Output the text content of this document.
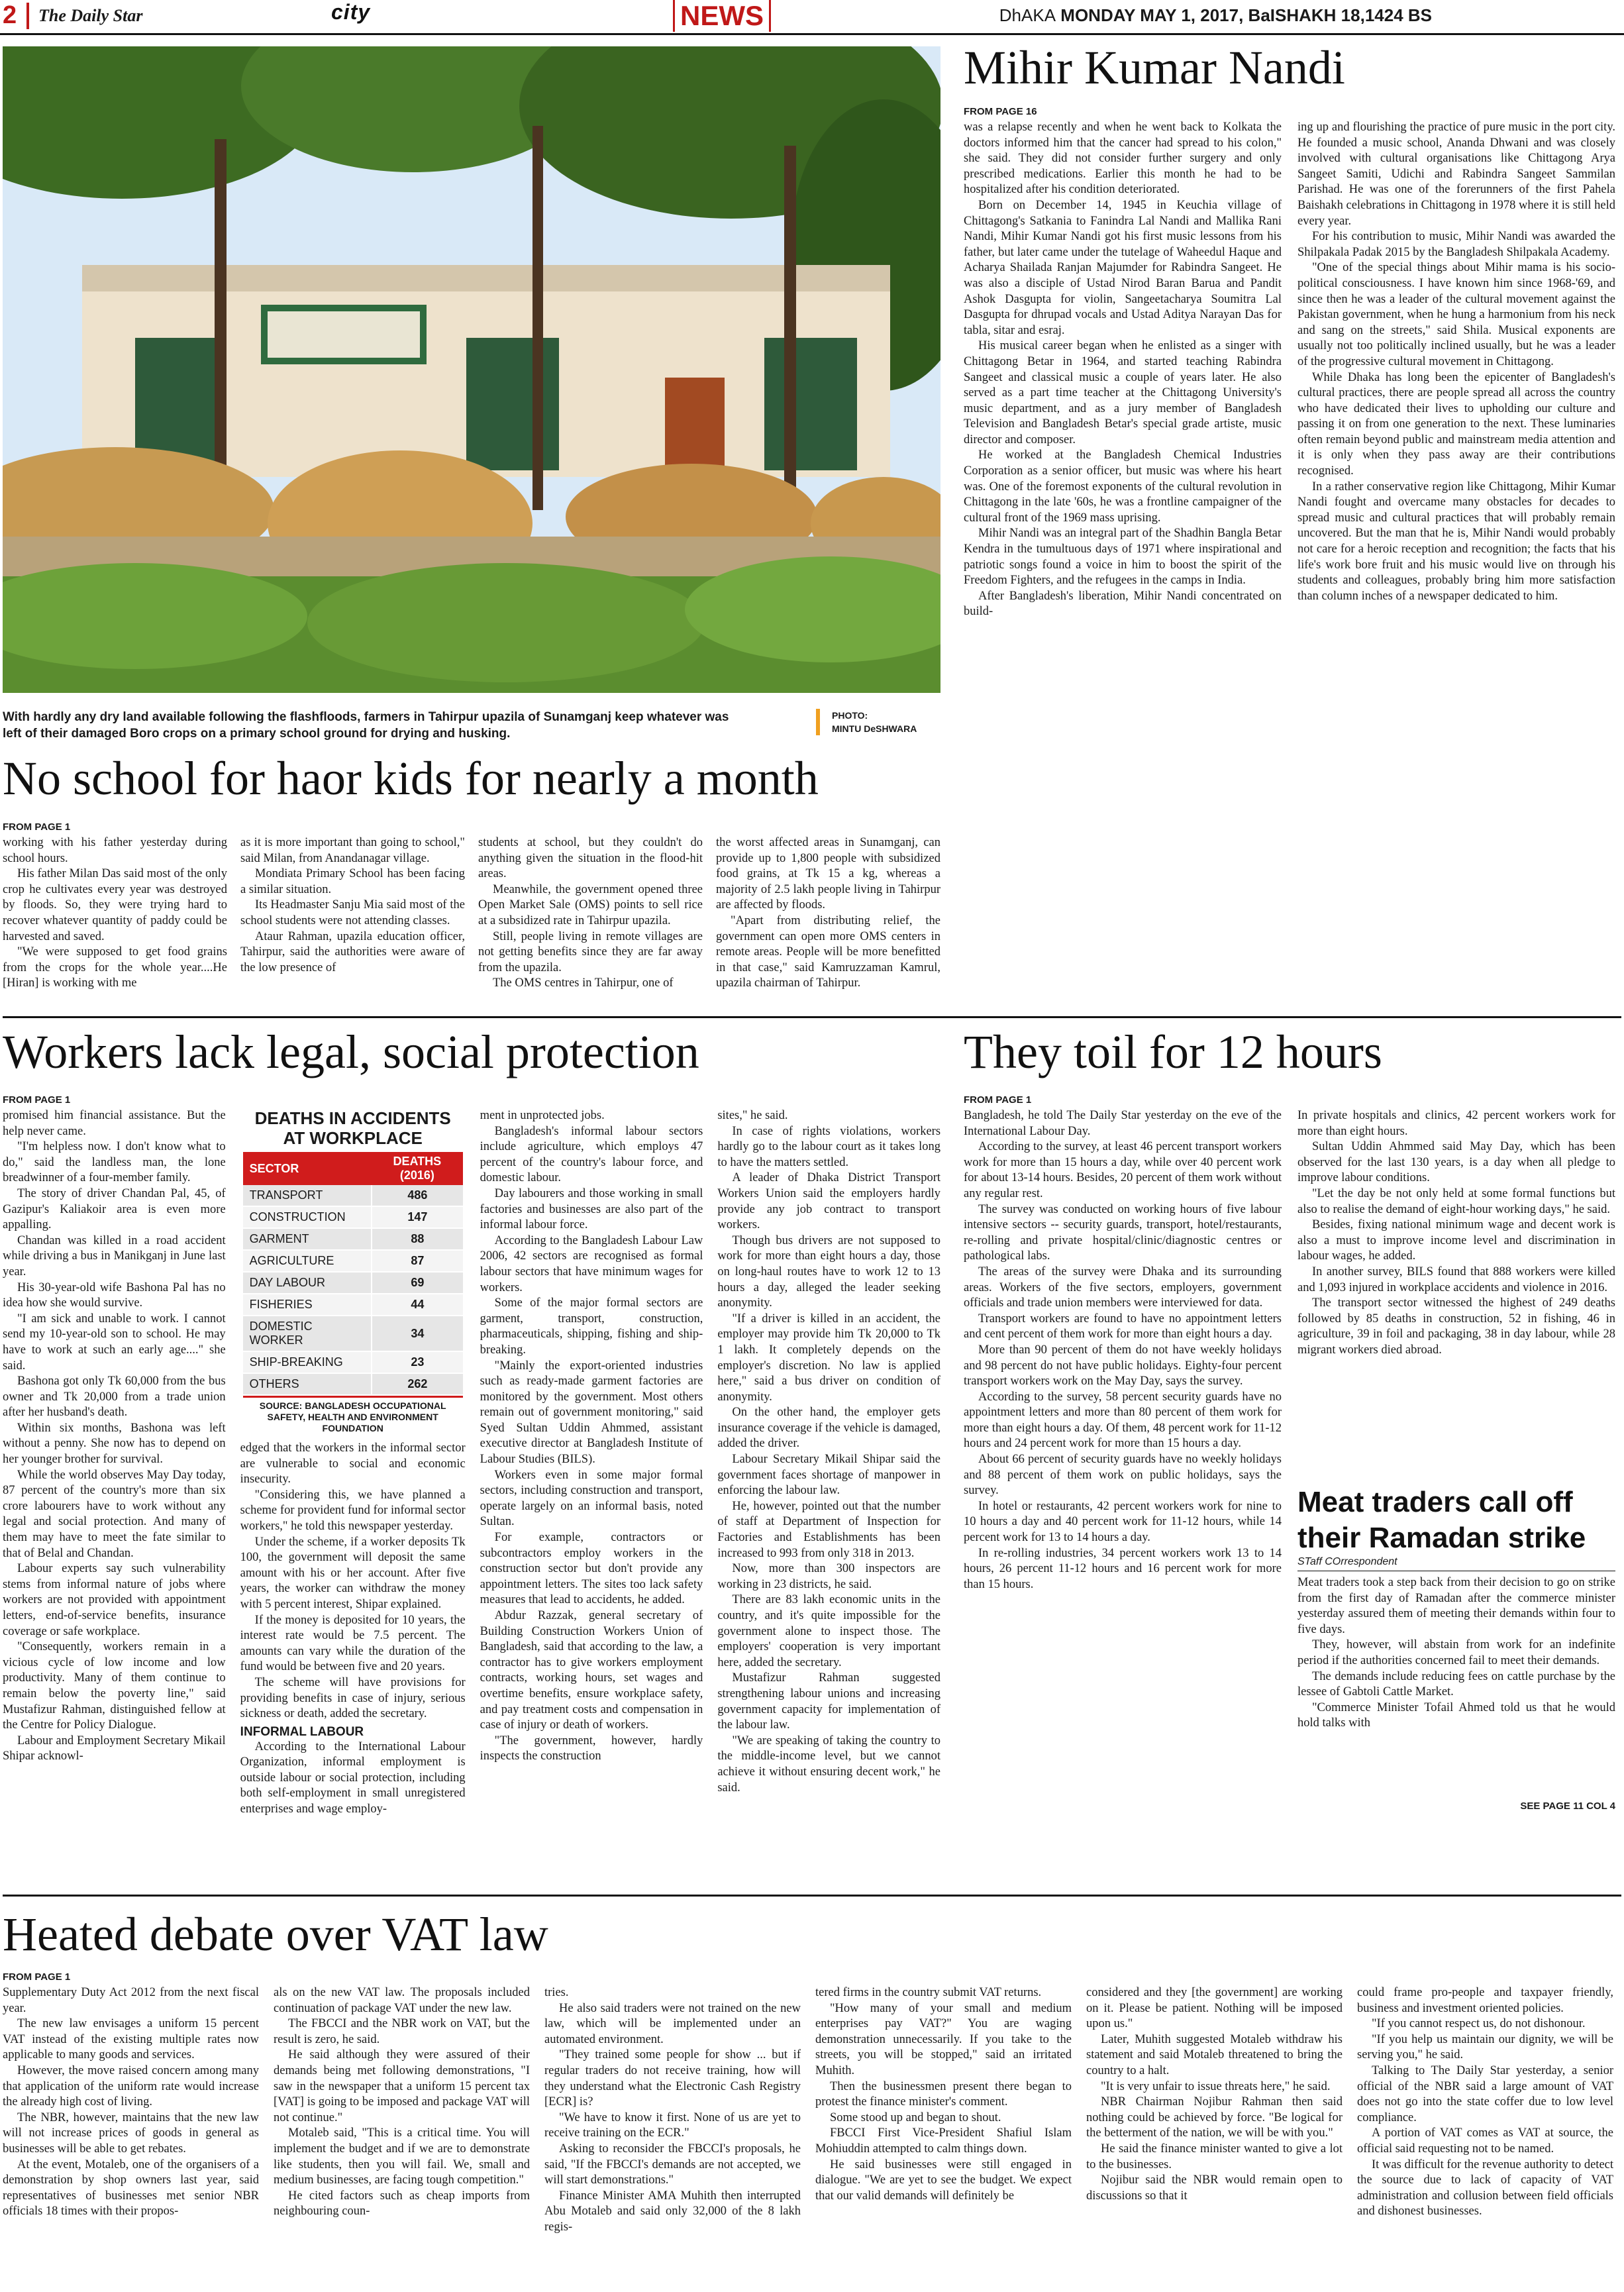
2	The Daily Star	city	NEWS	DhAKA MONDAY MAY 1, 2017, BaISHAKH 18,1424 BS
With hardly any dry land available following the flashfloods, farmers in Tahirpur upazila of Sunamganj keep whatever was left of their damaged Boro crops on a primary school ground for drying and husking.
PHOTO:
MINTU DeSHWARA
No school for haor kids for nearly a month
FROM PAGE 1

working with his father yesterday during school hours.

His father Milan Das said most of the only crop he cultivates every year was destroyed by floods. So, they were trying hard to recover whatever quantity of paddy could be harvested and saved.

"We were supposed to get food grains from the crops for the whole year....He [Hiran] is working with me

as it is more important than going to school," said Milan, from Anandanagar village.

Mondiata Primary School has been facing a similar situation.

Its Headmaster Sanju Mia said most of the school students were not attending classes.

Ataur Rahman, upazila education officer, Tahirpur, said the authorities were aware of the low presence of

students at school, but they couldn't do anything given the situation in the flood-hit areas.

Meanwhile, the government opened three Open Market Sale (OMS) points to sell rice at a subsidized rate in Tahirpur upazila.

Still, people living in remote villages are not getting benefits since they are far away from the upazila.

The OMS centres in Tahirpur, one of

the worst affected areas in Sunamganj, can provide up to 1,800 people with subsidized food grains, at Tk 15 a kg, whereas a majority of 2.5 lakh people living in Tahirpur are affected by floods.

"Apart from distributing relief, the government can open more OMS centers in remote areas. People will be more benefitted in that case," said Kamruzzaman Kamrul, upazila chairman of Tahirpur.

Mihir Kumar Nandi
FROM PAGE 16

was a relapse recently and when he went back to Kolkata the doctors informed him that the cancer had spread to his colon," she said. They did not consider further surgery and only prescribed medications. Earlier this month he had to be hospitalized after his condition deteriorated.

Born on December 14, 1945 in Keuchia village of Chittagong's Satkania to Fanindra Lal Nandi and Mallika Rani Nandi, Mihir Kumar Nandi got his first music lessons from his father, but later came under the tutelage of Waheedul Haque and Acharya Shailada Ranjan Majumder for Rabindra Sangeet. He was also a disciple of Ustad Nirod Baran Barua and Pandit Ashok Dasgupta for violin, Sangeetacharya Soumitra Lal Dasgupta for dhrupad vocals and Ustad Aditya Narayan Das for tabla, sitar and esraj.

His musical career began when he enlisted as a singer with Chittagong Betar in 1964, and started teaching Rabindra Sangeet and classical music a couple of years later. He also served as a part time teacher at the Chittagong University's music department, and as a jury member of Bangladesh Television and Bangladesh Betar's special grade artiste, music director and composer.

He worked at the Bangladesh Chemical Industries Corporation as a senior officer, but music was where his heart was. One of the foremost exponents of the cultural revolution in Chittagong in the late '60s, he was a frontline campaigner of the cultural front of the 1969 mass uprising.

Mihir Nandi was an integral part of the Shadhin Bangla Betar Kendra in the tumultuous days of 1971 where inspirational and patriotic songs found a voice in him to boost the spirit of the Freedom Fighters, and the refugees in the camps in India.

After Bangladesh's liberation, Mihir Nandi concentrated on build-

ing up and flourishing the practice of pure music in the port city. He founded a music school, Ananda Dhwani and was closely involved with cultural organisations like Chittagong Arya Sangeet Samiti, Udichi and Rabindra Sangeet Sammilan Parishad. He was one of the forerunners of the first Pahela Baishakh celebrations in Chittagong in 1978 where it is still held every year.

For his contribution to music, Mihir Nandi was awarded the Shilpakala Padak 2015 by the Bangladesh Shilpakala Academy.

"One of the special things about Mihir mama is his socio-political consciousness. I have known him since 1968-'69, and since then he was a leader of the cultural movement against the Pakistan government, when he hung a harmonium from his neck and sang on the streets," said Shila. Musical exponents are usually not too politically inclined usually, but he was a leader of the progressive cultural movement in Chittagong.

While Dhaka has long been the epicenter of Bangladesh's cultural practices, there are people spread all across the country who have dedicated their lives to upholding our culture and passing it on from one generation to the next. These luminaries often remain beyond public and mainstream media attention and it is only when they pass away are their contributions recognised.

In a rather conservative region like Chittagong, Mihir Kumar Nandi fought and overcame many obstacles for decades to spread music and cultural practices that will probably remain uncovered. But the man that he is, Mihir Nandi would probably not care for a heroic reception and recognition; the facts that his life's work bore fruit and his music would live on through his students and colleagues, probably bring him more satisfaction than column inches of a newspaper dedicated to him.

Workers lack legal, social protection
FROM PAGE 1

promised him financial assistance. But the help never came.

"I'm helpless now. I don't know what to do," said the landless man, the lone breadwinner of a four-member family.

The story of driver Chandan Pal, 45, of Gazipur's Kaliakoir area is even more appalling.

Chandan was killed in a road accident while driving a bus in Manikganj in June last year.

His 30-year-old wife Bashona Pal has no idea how she would survive.

"I am sick and unable to work. I cannot send my 10-year-old son to school. He may have to work at such an early age...." she said.

Bashona got only Tk 60,000 from the bus owner and Tk 20,000 from a trade union after her husband's death.

Within six months, Bashona was left without a penny. She now has to depend on her younger brother for survival.

While the world observes May Day today, 87 percent of the country's more than six crore labourers have to work without any legal and social protection. And many of them may have to meet the fate similar to that of Belal and Chandan.

Labour experts say such vulnerability stems from informal nature of jobs where workers are not provided with appointment letters, end-of-service benefits, insurance coverage or safe workplace.

"Consequently, workers remain in a vicious cycle of low income and low productivity. Many of them continue to remain below the poverty line," said Mustafizur Rahman, distinguished fellow at the Centre for Policy Dialogue.

Labour and Employment Secretary Mikail Shipar acknowl-

DEATHS IN ACCIDENTS
AT WORKPLACE
SECTOR	DEATHS (2016)
TRANSPORT	486
CONSTRUCTION	147
GARMENT	88
AGRICULTURE	87
DAY LABOUR	69
FISHERIES	44
DOMESTIC WORKER	34
SHIP-BREAKING	23
OTHERS	262
SOURCE: BANGLADESH OCCUPATIONAL SAFETY, HEALTH AND ENVIRONMENT FOUNDATION

edged that the workers in the informal sector are vulnerable to social and economic insecurity.

"Considering this, we have planned a scheme for provident fund for informal sector workers," he told this newspaper yesterday.

Under the scheme, if a worker deposits Tk 100, the government will deposit the same amount with his or her account. After five years, the worker can withdraw the money with 5 percent interest, Shipar explained.

If the money is deposited for 10 years, the interest rate would be 7.5 percent. The amounts can vary while the duration of the fund would be between five and 20 years.

The scheme will have provisions for providing benefits in case of injury, serious sickness or death, added the secretary.

INFORMAL LABOUR

According to the International Labour Organization, informal employment is outside labour or social protection, including both self-employment in small unregistered enterprises and wage employ-

ment in unprotected jobs.

Bangladesh's informal labour sectors include agriculture, which employs 47 percent of the country's labour force, and domestic labour.

Day labourers and those working in small factories and businesses are also part of the informal labour force.

According to the Bangladesh Labour Law 2006, 42 sectors are recognised as formal labour sectors that have minimum wages for workers.

Some of the major formal sectors are garment, transport, construction, pharmaceuticals, shipping, fishing and ship-breaking.

"Mainly the export-oriented industries such as ready-made garment factories are monitored by the government. Most others remain out of government monitoring," said Syed Sultan Uddin Ahmmed, assistant executive director at Bangladesh Institute of Labour Studies (BILS).

Workers even in some major formal sectors, including construction and transport, operate largely on an informal basis, noted Sultan.

For example, contractors or subcontractors employ workers in the construction sector but don't provide any appointment letters. The sites too lack safety measures that lead to accidents, he added.

Abdur Razzak, general secretary of Building Construction Workers Union of Bangladesh, said that according to the law, a contractor has to give workers employment contracts, working hours, set wages and overtime benefits, ensure workplace safety, and pay treatment costs and compensation in case of injury or death of workers.

"The government, however, hardly inspects the construction

sites," he said.

In case of rights violations, workers hardly go to the labour court as it takes long to have the matters settled.

A leader of Dhaka District Transport Workers Union said the employers hardly provide any job contract to transport workers.

Though bus drivers are not supposed to work for more than eight hours a day, those on long-haul routes have to work 12 to 13 hours a day, alleged the leader seeking anonymity.

"If a driver is killed in an accident, the employer may provide him Tk 20,000 to Tk 1 lakh. It completely depends on the employer's discretion. No law is applied here," said a bus driver on condition of anonymity.

On the other hand, the employer gets insurance coverage if the vehicle is damaged, added the driver.

Labour Secretary Mikail Shipar said the government faces shortage of manpower in enforcing the labour law.

He, however, pointed out that the number of staff at Department of Inspection for Factories and Establishments has been increased to 993 from only 318 in 2013.

Now, more than 300 inspectors are working in 23 districts, he said.

There are 83 lakh economic units in the country, and it's quite impossible for the government alone to inspect those. The employers' cooperation is very important here, added the secretary.

Mustafizur Rahman suggested strengthening labour unions and increasing government capacity for implementation of the labour law.

"We are speaking of taking the country to the middle-income level, but we cannot achieve it without ensuring decent work," he said.

They toil for 12 hours
FROM PAGE 1

Bangladesh, he told The Daily Star yesterday on the eve of the International Labour Day.

According to the survey, at least 46 percent transport workers work for more than 15 hours a day, while over 40 percent work for about 13-14 hours. Besides, 20 percent of them work without any regular rest.

The survey was conducted on working hours of five labour intensive sectors -- security guards, transport, hotel/restaurants, re-rolling and private hospital/clinic/diagnostic centres or pathological labs.

The areas of the survey were Dhaka and its surrounding areas. Workers of the five sectors, employers, government officials and trade union members were interviewed for data.

Transport workers are found to have no appointment letters and cent percent of them work for more than eight hours a day.

More than 90 percent of them do not have weekly holidays and 98 percent do not have public holidays. Eighty-four percent transport workers work on the May Day, says the survey.

According to the survey, 58 percent security guards have no appointment letters and more than 80 percent of them work for more than eight hours a day. Of them, 48 percent work for 11-12 hours and 24 percent work for more than 15 hours a day.

About 66 percent of security guards have no weekly holidays and 88 percent of them work on public holidays, says the survey.

In hotel or restaurants, 42 percent workers work for nine to 10 hours a day and 40 percent work for 11-12 hours, while 14 percent work for 13 to 14 hours a day.

In re-rolling industries, 34 percent workers work 13 to 14 hours, 26 percent 11-12 hours and 16 percent work for more than 15 hours.

In private hospitals and clinics, 42 percent workers work for more than eight hours.

Sultan Uddin Ahmmed said May Day, which has been observed for the last 130 years, is a day when all pledge to improve labour conditions.

"Let the day be not only held at some formal functions but also to realise the demand of eight-hour working days," he said.

Besides, fixing national minimum wage and decent work is also a must to improve income level and discrimination in labour wages, he added.

In another survey, BILS found that 888 workers were killed and 1,093 injured in workplace accidents and violence in 2016.

The transport sector witnessed the highest of 249 deaths followed by 85 deaths in construction, 52 in fishing, 46 in agriculture, 39 in foil and packaging, 38 in day labour, while 28 migrant workers died abroad.

Meat traders call off their Ramadan strike
STaff COrrespondent

Meat traders took a step back from their decision to go on strike from the first day of Ramadan after the commerce minister yesterday assured them of meeting their demands within four to five days.

They, however, will abstain from work for an indefinite period if the authorities concerned fail to meet their demands.

The demands include reducing fees on cattle purchase by the lessee of Gabtoli Cattle Market.

"Commerce Minister Tofail Ahmed told us that he would hold talks with

SEE PAGE 11 COL 4
Heated debate over VAT law
FROM PAGE 1

Supplementary Duty Act 2012 from the next fiscal year.

The new law envisages a uniform 15 percent VAT instead of the existing multiple rates now applicable to many goods and services.

However, the move raised concern among many that application of the uniform rate would increase the already high cost of living.

The NBR, however, maintains that the new law will not increase prices of goods in general as businesses will be able to get rebates.

At the event, Motaleb, one of the organisers of a demonstration by shop owners last year, said representatives of businesses met senior NBR officials 18 times with their propos-

als on the new VAT law. The proposals included continuation of package VAT under the new law.

The FBCCI and the NBR work on VAT, but the result is zero, he said.

He said although they were assured of their demands being met following demonstrations, "I saw in the newspaper that a uniform 15 percent tax [VAT] is going to be imposed and package VAT will not continue."

Motaleb said, "This is a critical time. You will implement the budget and if we are to demonstrate like students, then you will fail. We, small and medium businesses, are facing tough competition."

He cited factors such as cheap imports from neighbouring coun-

tries.

He also said traders were not trained on the new law, which will be implemented under an automated environment.

"They trained some people for show ... but if regular traders do not receive training, how will they understand what the Electronic Cash Registry [ECR] is?

"We have to know it first. None of us are yet to receive training on the ECR."

Asking to reconsider the FBCCI's proposals, he said, "If the FBCCI's demands are not accepted, we will start demonstrations."

Finance Minister AMA Muhith then interrupted Abu Motaleb and said only 32,000 of the 8 lakh regis-

tered firms in the country submit VAT returns.

"How many of your small and medium enterprises pay VAT?" You are waging demonstration unnecessarily. If you take to the streets, you will be stopped," said an irritated Muhith.

Then the businessmen present there began to protest the finance minister's comment.

Some stood up and began to shout.

FBCCI First Vice-President Shafiul Islam Mohiuddin attempted to calm things down.

He said businesses were still engaged in dialogue. "We are yet to see the budget. We expect that our valid demands will definitely be

considered and they [the government] are working on it. Please be patient. Nothing will be imposed upon us."

Later, Muhith suggested Motaleb withdraw his statement and said Motaleb threatened to bring the country to a halt.

"It is very unfair to issue threats here," he said.

NBR Chairman Nojibur Rahman then said nothing could be achieved by force. "Be logical for the betterment of the nation, we will be with you."

He said the finance minister wanted to give a lot to the businesses.

Nojibur said the NBR would remain open to discussions so that it

could frame pro-people and taxpayer friendly, business and investment oriented policies.

"If you cannot respect us, do not dishonour.

"If you help us maintain our dignity, we will be serving you," he said.

Talking to The Daily Star yesterday, a senior official of the NBR said a large amount of VAT does not go into the state coffer due to low level compliance.

A portion of VAT comes as VAT at source, the official said requesting not to be named.

It was difficult for the revenue authority to detect the source due to lack of capacity of VAT administration and collusion between field officials and dishonest businesses.
